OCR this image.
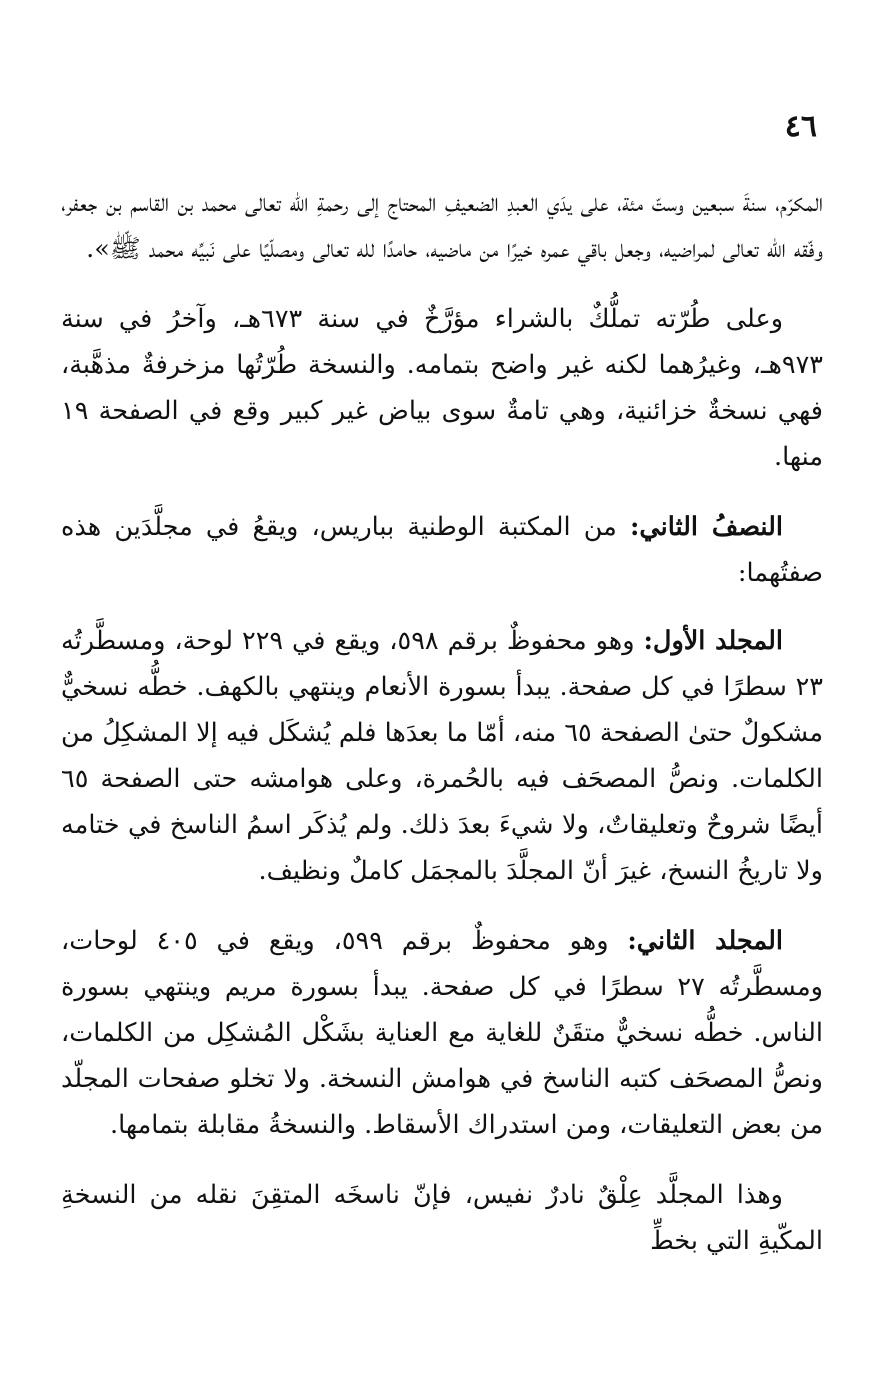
٤٦

المكرّم، سنةَ سبعين وستّ مئة، على يدَي العبدِ الضعيفِ المحتاج إلى رحمةِ الله تعالى محمد بن القاسم بن جعفر، وفّقه الله تعالى لمراضيه، وجعل باقي عمره خيرًا من ماضيه، حامدًا لله تعالى ومصلّيًا على نَبيِّه محمد ﷺ».

وعلى طُرّته تملُّكٌ بالشراء مؤرَّخٌ في سنة ٦٧٣هـ، وآخرُ في سنة ٩٧٣هـ، وغيرُهما لكنه غير واضح بتمامه. والنسخة طُرّتُها مزخرفةٌ مذهَّبة، فهي نسخةٌ خزائنية، وهي تامةٌ سوى بياض غير كبير وقع في الصفحة ١٩ منها.

النصفُ الثاني: من المكتبة الوطنية بباريس، ويقعُ في مجلَّدَين هذه صفتُهما:

المجلد الأول: وهو محفوظٌ برقم ٥٩٨، ويقع في ٢٢٩ لوحة، ومسطَّرتُه ٢٣ سطرًا في كل صفحة. يبدأ بسورة الأنعام وينتهي بالكهف. خطُّه نسخيٌّ مشكولٌ حتىٰ الصفحة ٦٥ منه، أمّا ما بعدَها فلم يُشكَل فيه إلا المشكِلُ من الكلمات. ونصُّ المصحَف فيه بالحُمرة، وعلى هوامشه حتى الصفحة ٦٥ أيضًا شروحٌ وتعليقاتٌ، ولا شيءَ بعدَ ذلك. ولم يُذكَر اسمُ الناسخ في ختامه ولا تاريخُ النسخ، غيرَ أنّ المجلَّدَ بالمجمَل كاملٌ ونظيف.

المجلد الثاني: وهو محفوظٌ برقم ٥٩٩، ويقع في ٤٠٥ لوحات، ومسطَّرتُه ٢٧ سطرًا في كل صفحة. يبدأ بسورة مريم وينتهي بسورة الناس. خطُّه نسخيٌّ متقَنٌ للغاية مع العناية بشَكْل المُشكِل من الكلمات، ونصُّ المصحَف كتبه الناسخ في هوامش النسخة. ولا تخلو صفحات المجلّد من بعض التعليقات، ومن استدراك الأسقاط. والنسخةُ مقابلة بتمامها.

وهذا المجلَّد عِلْقٌ نادرٌ نفيس، فإنّ ناسخَه المتقِنَ نقله من النسخةِ المكّيةِ التي بخطِّ
